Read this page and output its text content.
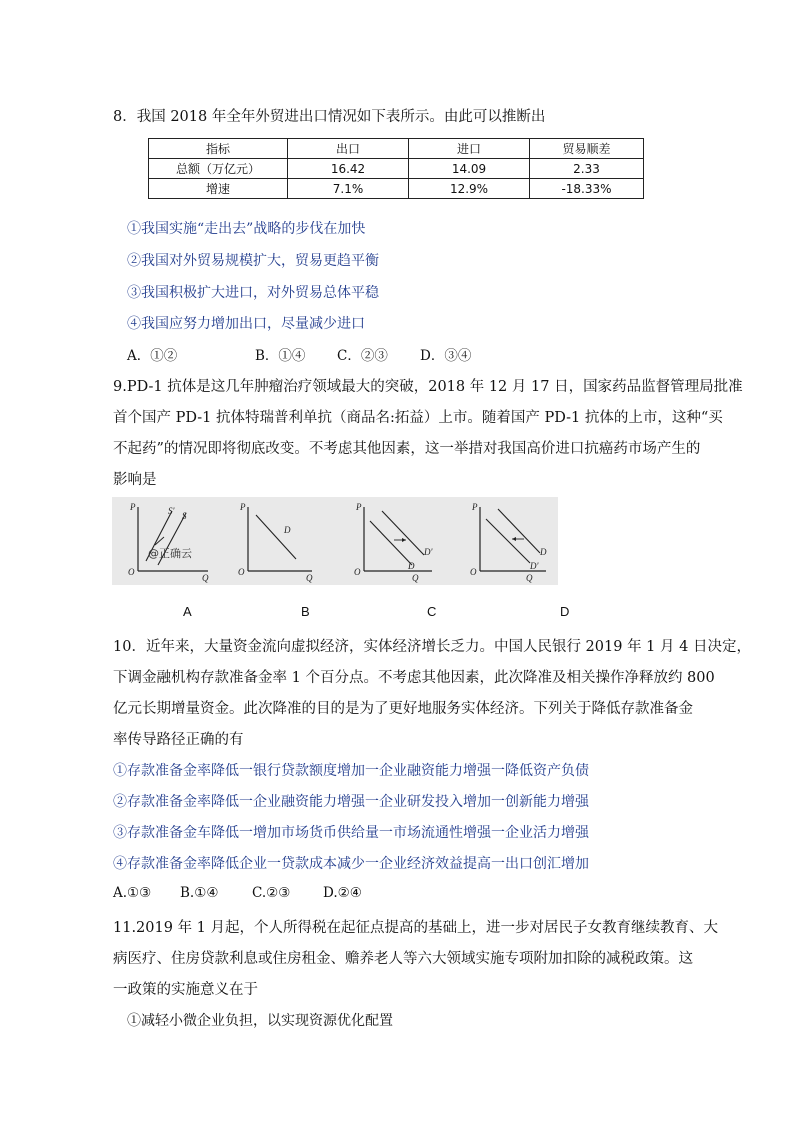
8．我国 2018 年全年外贸进出口情况如下表所示。由此可以推断出
指标	出口	进口	贸易顺差
总额（万亿元）	16.42	14.09	2.33
增速	7.1%	12.9%	-18.33%
①我国实施“走出去”战略的步伐在加快
②我国对外贸易规模扩大，贸易更趋平衡
③我国积极扩大进口，对外贸易总体平稳
④我国应努力增加出口，尽量减少进口
A．①②	B．①④ C．②③ D．③④
9.PD-1 抗体是这几年肿瘤治疗领域最大的突破，2018 年 12 月 17 日，国家药品监督管理局批准
首个国产 PD-1 抗体特瑞普利单抗（商品名:拓益）上市。随着国产 PD-1 抗体的上市，这种“买
不起药”的情况即将彻底改变。不考虑其他因素，这一举措对我国高价进口抗癌药市场产生的
影响是
P
O
Q
S' S
@正确云
P
O
Q
D
P
O
Q
D
D'
P
O
Q
D
D'
A	B	C	D
10．近年来，大量资金流向虚拟经济，实体经济增长乏力。中国人民银行 2019 年 1 月 4 日决定，
下调金融机构存款准备金率 1 个百分点。不考虑其他因素，此次降准及相关操作净释放约 800
亿元长期增量资金。此次降准的目的是为了更好地服务实体经济。下列关于降低存款准备金
率传导路径正确的有
①存款准备金率降低一银行贷款额度增加一企业融资能力增强一降低资产负债
②存款准备金率降低一企业融资能力增强一企业研发投入增加一创新能力增强
③存款准备金车降低一增加市场货币供给量一市场流通性增强一企业活力增强
④存款准备金率降低企业一贷款成本减少一企业经济效益提高一出口创汇增加
A.①③ B.①④ C.②③ D.②④
11.2019 年 1 月起，个人所得税在起征点提高的基础上，进一步对居民子女教育继续教育、大
病医疗、住房贷款利息或住房租金、赡养老人等六大领域实施专项附加扣除的减税政策。这
一政策的实施意义在于
①减轻小微企业负担，以实现资源优化配置
